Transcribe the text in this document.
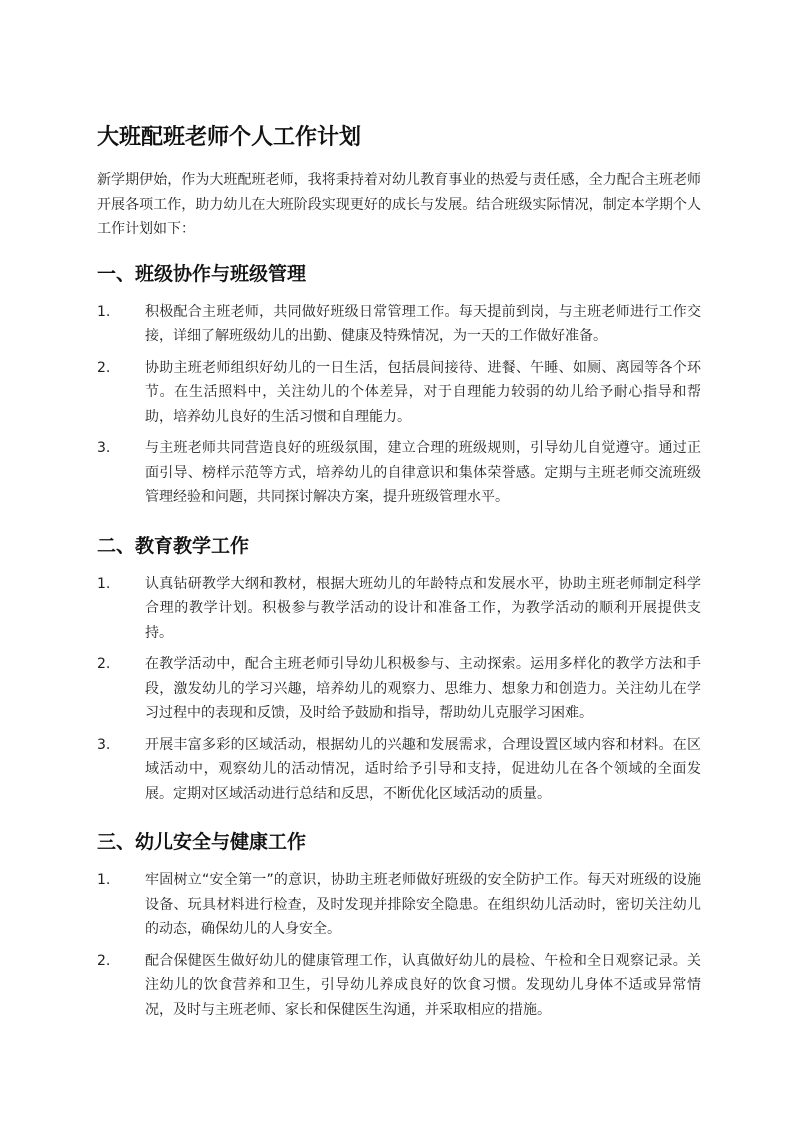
大班配班老师个人工作计划

新学期伊始，作为大班配班老师，我将秉持着对幼儿教育事业的热爱与责任感，全力配合主班老师开展各项工作，助力幼儿在大班阶段实现更好的成长与发展。结合班级实际情况，制定本学期个人工作计划如下：

一、班级协作与班级管理
1.	积极配合主班老师，共同做好班级日常管理工作。每天提前到岗，与主班老师进行工作交接，详细了解班级幼儿的出勤、健康及特殊情况，为一天的工作做好准备。
2.	协助主班老师组织好幼儿的一日生活，包括晨间接待、进餐、午睡、如厕、离园等各个环节。在生活照料中，关注幼儿的个体差异，对于自理能力较弱的幼儿给予耐心指导和帮助，培养幼儿良好的生活习惯和自理能力。
3.	与主班老师共同营造良好的班级氛围，建立合理的班级规则，引导幼儿自觉遵守。通过正面引导、榜样示范等方式，培养幼儿的自律意识和集体荣誉感。定期与主班老师交流班级管理经验和问题，共同探讨解决方案，提升班级管理水平。
二、教育教学工作
1.	认真钻研教学大纲和教材，根据大班幼儿的年龄特点和发展水平，协助主班老师制定科学合理的教学计划。积极参与教学活动的设计和准备工作，为教学活动的顺利开展提供支持。
2.	在教学活动中，配合主班老师引导幼儿积极参与、主动探索。运用多样化的教学方法和手段，激发幼儿的学习兴趣，培养幼儿的观察力、思维力、想象力和创造力。关注幼儿在学习过程中的表现和反馈，及时给予鼓励和指导，帮助幼儿克服学习困难。
3.	开展丰富多彩的区域活动，根据幼儿的兴趣和发展需求，合理设置区域内容和材料。在区域活动中，观察幼儿的活动情况，适时给予引导和支持，促进幼儿在各个领域的全面发展。定期对区域活动进行总结和反思，不断优化区域活动的质量。
三、幼儿安全与健康工作
1.	牢固树立“安全第一”的意识，协助主班老师做好班级的安全防护工作。每天对班级的设施设备、玩具材料进行检查，及时发现并排除安全隐患。在组织幼儿活动时，密切关注幼儿的动态，确保幼儿的人身安全。
2.	配合保健医生做好幼儿的健康管理工作，认真做好幼儿的晨检、午检和全日观察记录。关注幼儿的饮食营养和卫生，引导幼儿养成良好的饮食习惯。发现幼儿身体不适或异常情况，及时与主班老师、家长和保健医生沟通，并采取相应的措施。
